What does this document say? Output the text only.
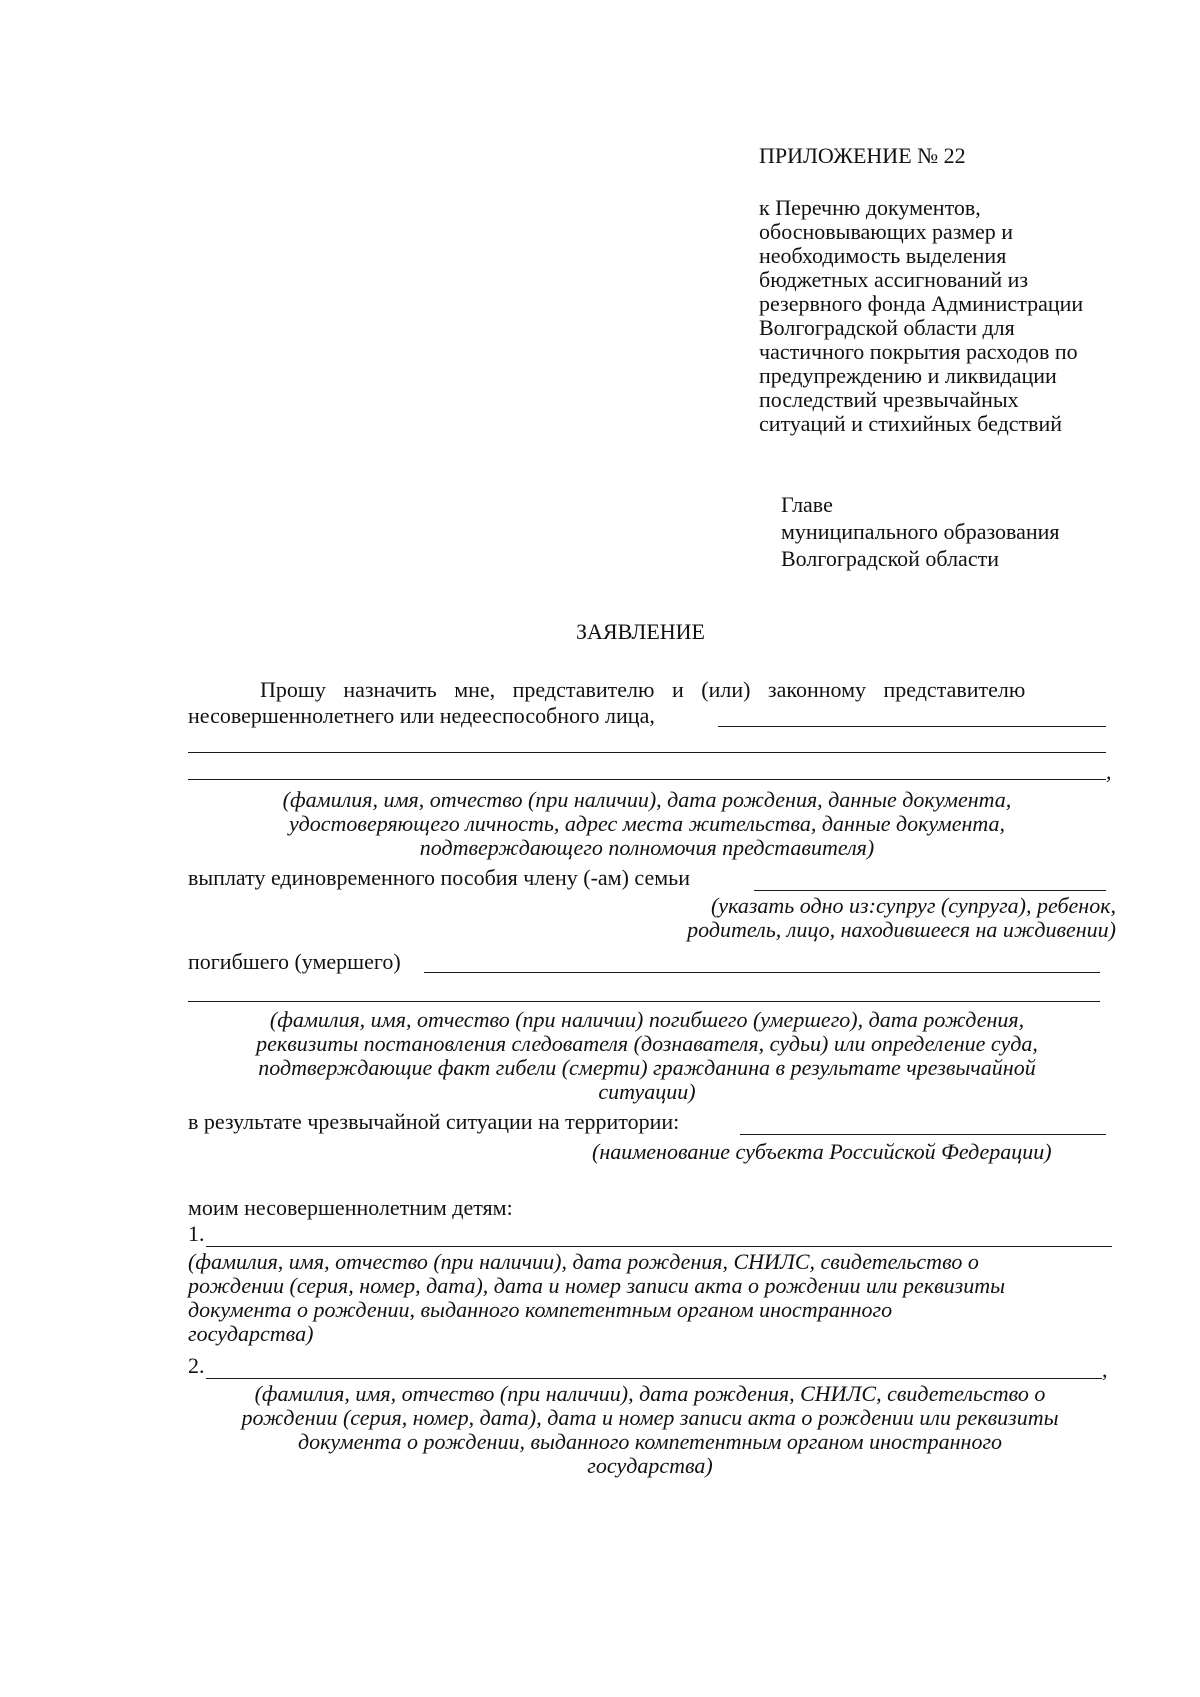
ПРИЛОЖЕНИЕ № 22
к Перечню документов,
обосновывающих размер и
необходимость выделения
бюджетных ассигнований из
резервного фонда Администрации
Волгоградской области для
частичного покрытия расходов по
предупреждению и ликвидации
последствий чрезвычайных
ситуаций и стихийных бедствий
Главе
муниципального образования
Волгоградской области
ЗАЯВЛЕНИЕ
Прошу назначить мне, представителю и (или) законному представителю
несовершеннолетнего или недееспособного лица,
,
(фамилия, имя, отчество (при наличии), дата рождения, данные документа,
удостоверяющего личность, адрес места жительства, данные документа,
подтверждающего полномочия представителя)
выплату единовременного пособия члену (-ам) семьи
(указать одно из:супруг (супруга), ребенок,
родитель, лицо, находившееся на иждивении)
погибшего (умершего)
(фамилия, имя, отчество (при наличии) погибшего (умершего), дата рождения,
реквизиты постановления следователя (дознавателя, судьи) или определение суда,
подтверждающие факт гибели (смерти) гражданина в результате чрезвычайной
ситуации)
в результате чрезвычайной ситуации на территории:
(наименование субъекта Российской Федерации)
моим несовершеннолетним детям:
1.
(фамилия, имя, отчество (при наличии), дата рождения, СНИЛС, свидетельство о
рождении (серия, номер, дата), дата и номер записи акта о рождении или реквизиты
документа о рождении, выданного компетентным органом иностранного
государства)
2.	,
(фамилия, имя, отчество (при наличии), дата рождения, СНИЛС, свидетельство о
рождении (серия, номер, дата), дата и номер записи акта о рождении или реквизиты
документа о рождении, выданного компетентным органом иностранного
государства)
